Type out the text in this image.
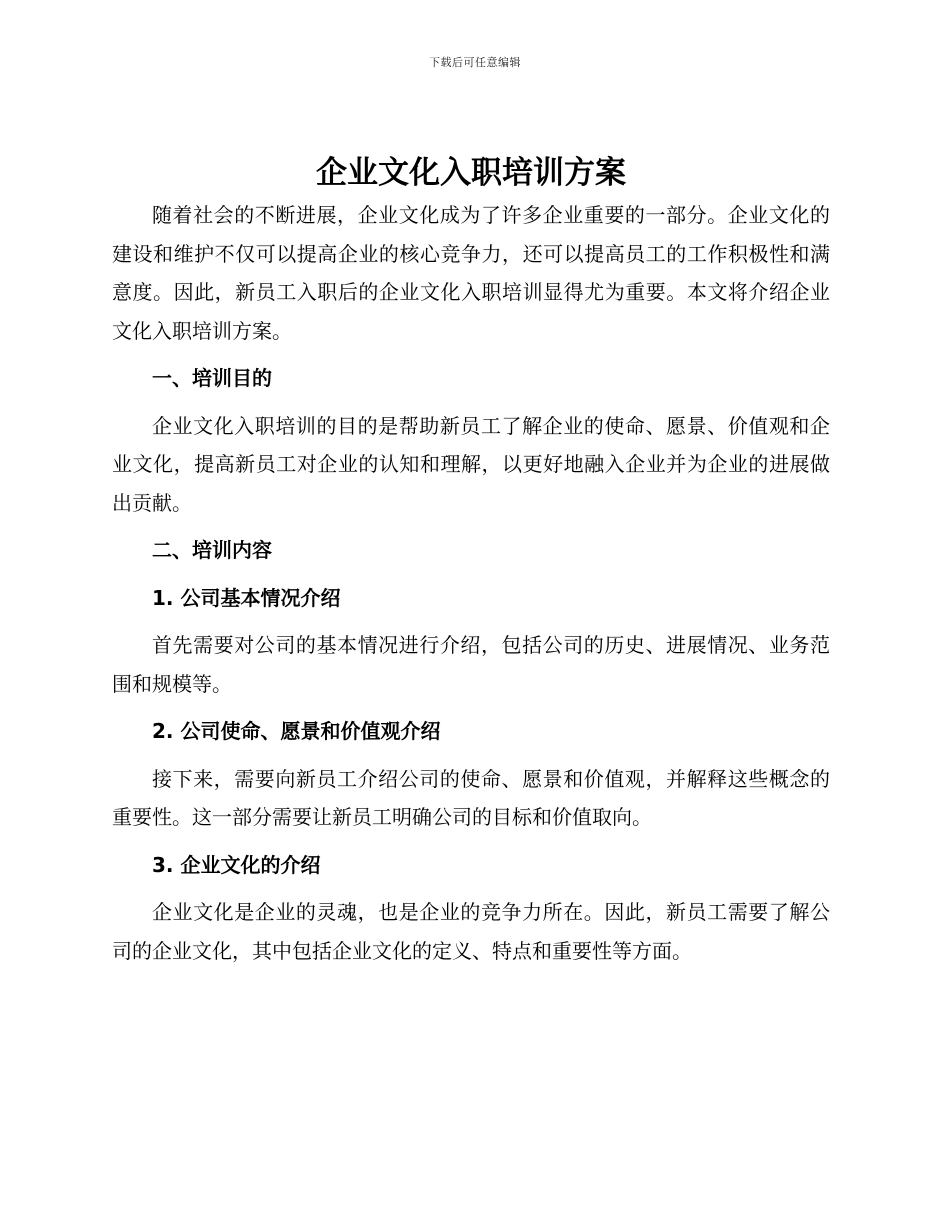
下载后可任意编辑
企业文化入职培训方案

随着社会的不断进展，企业文化成为了许多企业重要的一部分。企业文化的建设和维护不仅可以提高企业的核心竞争力，还可以提高员工的工作积极性和满意度。因此，新员工入职后的企业文化入职培训显得尤为重要。本文将介绍企业文化入职培训方案。

一、培训目的

企业文化入职培训的目的是帮助新员工了解企业的使命、愿景、价值观和企业文化，提高新员工对企业的认知和理解，以更好地融入企业并为企业的进展做出贡献。

二、培训内容
1. 公司基本情况介绍

首先需要对公司的基本情况进行介绍，包括公司的历史、进展情况、业务范围和规模等。

2. 公司使命、愿景和价值观介绍

接下来，需要向新员工介绍公司的使命、愿景和价值观，并解释这些概念的重要性。这一部分需要让新员工明确公司的目标和价值取向。

3. 企业文化的介绍

企业文化是企业的灵魂，也是企业的竞争力所在。因此，新员工需要了解公司的企业文化，其中包括企业文化的定义、特点和重要性等方面。
